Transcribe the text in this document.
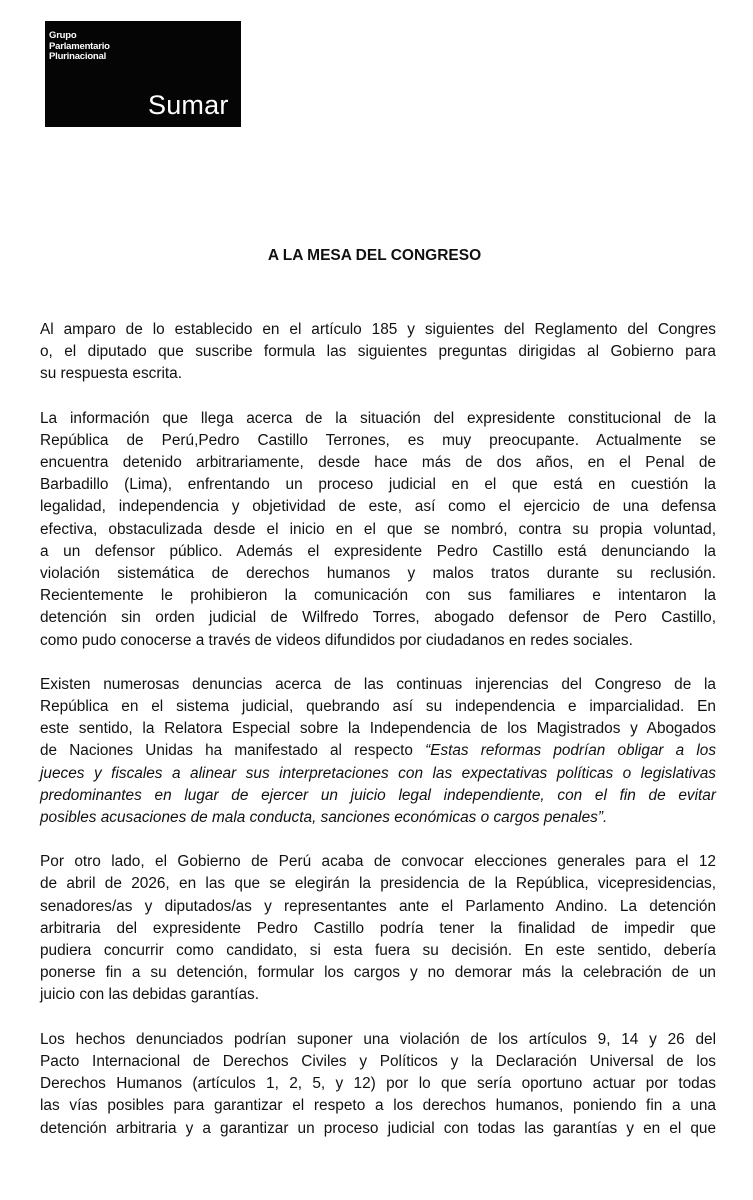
Grupo
Parlamentario
Plurinacional
Sumar
A LA MESA DEL CONGRESO

Al amparo de lo establecido en el artículo 185 y siguientes del Reglamento del Congres
o, el diputado que suscribe formula las siguientes preguntas dirigidas al Gobierno para
su respuesta escrita.

La información que llega acerca de la situación del expresidente constitucional de la
República de Perú,Pedro Castillo Terrones, es muy preocupante. Actualmente se
encuentra detenido arbitrariamente, desde hace más de dos años, en el Penal de
Barbadillo (Lima), enfrentando un proceso judicial en el que está en cuestión la
legalidad, independencia y objetividad de este, así como el ejercicio de una defensa
efectiva, obstaculizada desde el inicio en el que se nombró, contra su propia voluntad,
a un defensor público. Además el expresidente Pedro Castillo está denunciando la
violación sistemática de derechos humanos y malos tratos durante su reclusión.
Recientemente le prohibieron la comunicación con sus familiares e intentaron la
detención sin orden judicial de Wilfredo Torres, abogado defensor de Pero Castillo,
como pudo conocerse a través de videos difundidos por ciudadanos en redes sociales.

Existen numerosas denuncias acerca de las continuas injerencias del Congreso de la
República en el sistema judicial, quebrando así su independencia e imparcialidad. En
este sentido, la Relatora Especial sobre la Independencia de los Magistrados y Abogados
de Naciones Unidas ha manifestado al respecto “Estas reformas podrían obligar a los
jueces y fiscales a alinear sus interpretaciones con las expectativas políticas o legislativas
predominantes en lugar de ejercer un juicio legal independiente, con el fin de evitar
posibles acusaciones de mala conducta, sanciones económicas o cargos penales”.

Por otro lado, el Gobierno de Perú acaba de convocar elecciones generales para el 12
de abril de 2026, en las que se elegirán la presidencia de la República, vicepresidencias,
senadores/as y diputados/as y representantes ante el Parlamento Andino. La detención
arbitraria del expresidente Pedro Castillo podría tener la finalidad de impedir que
pudiera concurrir como candidato, si esta fuera su decisión. En este sentido, debería
ponerse fin a su detención, formular los cargos y no demorar más la celebración de un
juicio con las debidas garantías.

Los hechos denunciados podrían suponer una violación de los artículos 9, 14 y 26 del
Pacto Internacional de Derechos Civiles y Políticos y la Declaración Universal de los
Derechos Humanos (artículos 1, 2, 5, y 12) por lo que sería oportuno actuar por todas
las vías posibles para garantizar el respeto a los derechos humanos, poniendo fin a una
detención arbitraria y a garantizar un proceso judicial con todas las garantías y en el que
